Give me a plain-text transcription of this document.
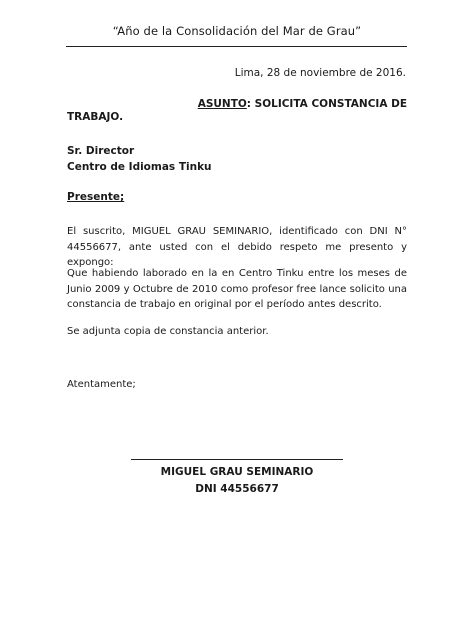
“Año de la Consolidación del Mar de Grau”
Lima, 28 de noviembre de 2016.
ASUNTO: SOLICITA CONSTANCIA DE
TRABAJO.
Sr. Director
Centro de Idiomas Tinku
Presente;
El suscrito, MIGUEL GRAU SEMINARIO, identificado con DNI N° 44556677, ante usted con el debido respeto me presento y expongo:
Que habiendo laborado en la en Centro Tinku entre los meses de Junio 2009 y Octubre de 2010 como profesor free lance solicito una constancia de trabajo en original por el período antes descrito.
Se adjunta copia de constancia anterior.
Atentamente;
MIGUEL GRAU SEMINARIO
DNI 44556677
